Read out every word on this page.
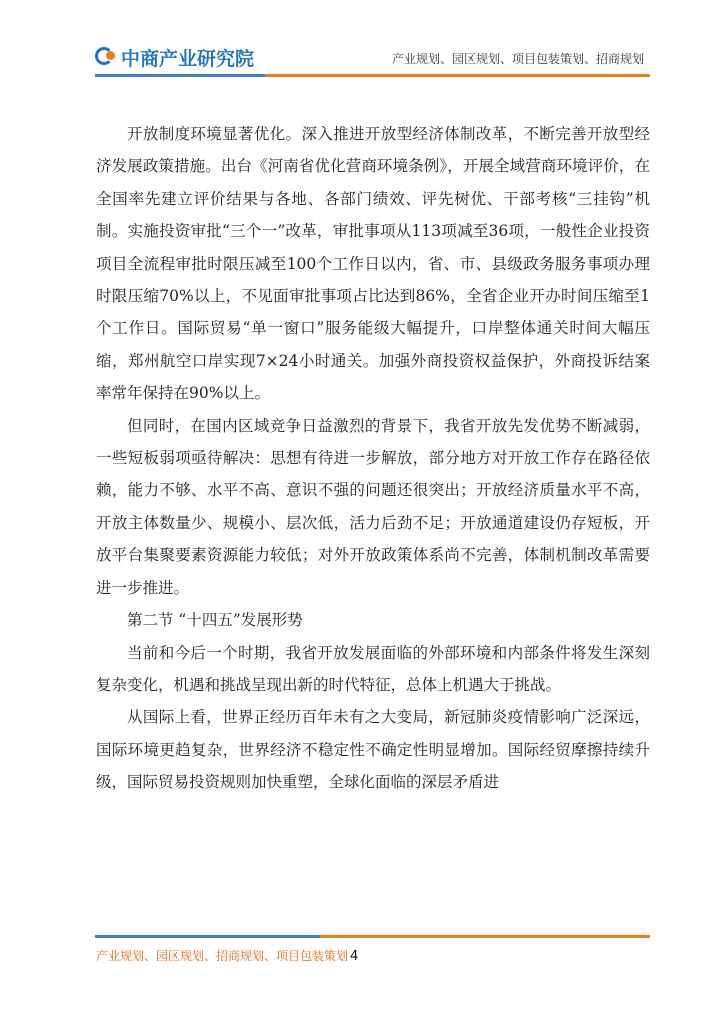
中商产业研究院	产业规划、园区规划、项目包装策划、招商规划

开放制度环境显著优化。深入推进开放型经济体制改革，不断完善开放型经济发展政策措施。出台《河南省优化营商环境条例》，开展全域营商环境评价，在全国率先建立评价结果与各地、各部门绩效、评先树优、干部考核“三挂钩”机制。实施投资审批“三个一”改革，审批事项从113项减至36项，一般性企业投资项目全流程审批时限压减至100个工作日以内，省、市、县级政务服务事项办理时限压缩70%以上，不见面审批事项占比达到86%，全省企业开办时间压缩至1个工作日。国际贸易“单一窗口”服务能级大幅提升，口岸整体通关时间大幅压缩，郑州航空口岸实现7×24小时通关。加强外商投资权益保护，外商投诉结案率常年保持在90%以上。

但同时，在国内区域竞争日益激烈的背景下，我省开放先发优势不断减弱，一些短板弱项亟待解决：思想有待进一步解放，部分地方对开放工作存在路径依赖，能力不够、水平不高、意识不强的问题还很突出；开放经济质量水平不高，开放主体数量少、规模小、层次低，活力后劲不足；开放通道建设仍存短板，开放平台集聚要素资源能力较低；对外开放政策体系尚不完善，体制机制改革需要进一步推进。

第二节 “十四五”发展形势

当前和今后一个时期，我省开放发展面临的外部环境和内部条件将发生深刻复杂变化，机遇和挑战呈现出新的时代特征，总体上机遇大于挑战。

从国际上看，世界正经历百年未有之大变局，新冠肺炎疫情影响广泛深远，国际环境更趋复杂，世界经济不稳定性不确定性明显增加。国际经贸摩擦持续升级，国际贸易投资规则加快重塑，全球化面临的深层矛盾进

产业规划、园区规划、招商规划、项目包装策划 4
